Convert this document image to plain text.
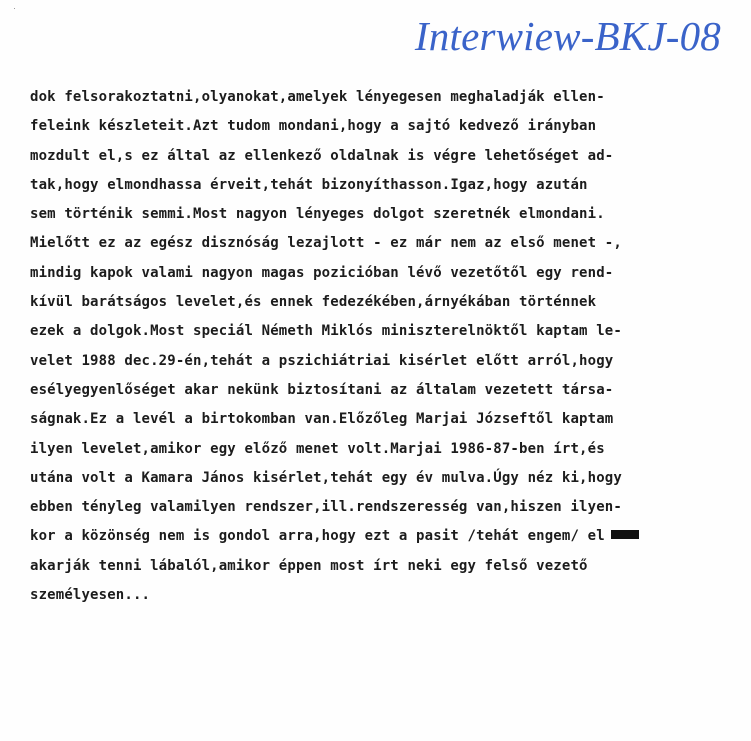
Interwiew-BKJ-08
dok felsorakoztatni,olyanokat,amelyek lényegesen meghaladják ellen-
feleink készleteit.Azt tudom mondani,hogy a sajtó kedvező irányban
mozdult el,s ez által az ellenkező oldalnak is végre lehetőséget ad-
tak,hogy elmondhassa érveit,tehát bizonyíthasson.Igaz,hogy azután
sem történik semmi.Most nagyon lényeges dolgot szeretnék elmondani.
Mielőtt ez az egész disznóság lezajlott - ez már nem az első menet -,
mindig kapok valami nagyon magas pozicióban lévő vezetőtől egy rend-
kívül barátságos levelet,és ennek fedezékében,árnyékában történnek
ezek a dolgok.Most speciál Németh Miklós miniszterelnöktől kaptam le-
velet 1988 dec.29-én,tehát a pszichiátriai kisérlet előtt arról,hogy
esélyegyenlőséget akar nekünk biztosítani az általam vezetett társa-
ságnak.Ez a levél a birtokomban van.Előzőleg Marjai Józseftől kaptam
ilyen levelet,amikor egy előző menet volt.Marjai 1986-87-ben írt,és
utána volt a Kamara János kisérlet,tehát egy év mulva.Úgy néz ki,hogy
ebben tényleg valamilyen rendszer,ill.rendszeresség van,hiszen ilyen-
kor a közönség nem is gondol arra,hogy ezt a pasit /tehát engem/ el
akarják tenni lábalól,amikor éppen most írt neki egy felső vezető
személyesen...
